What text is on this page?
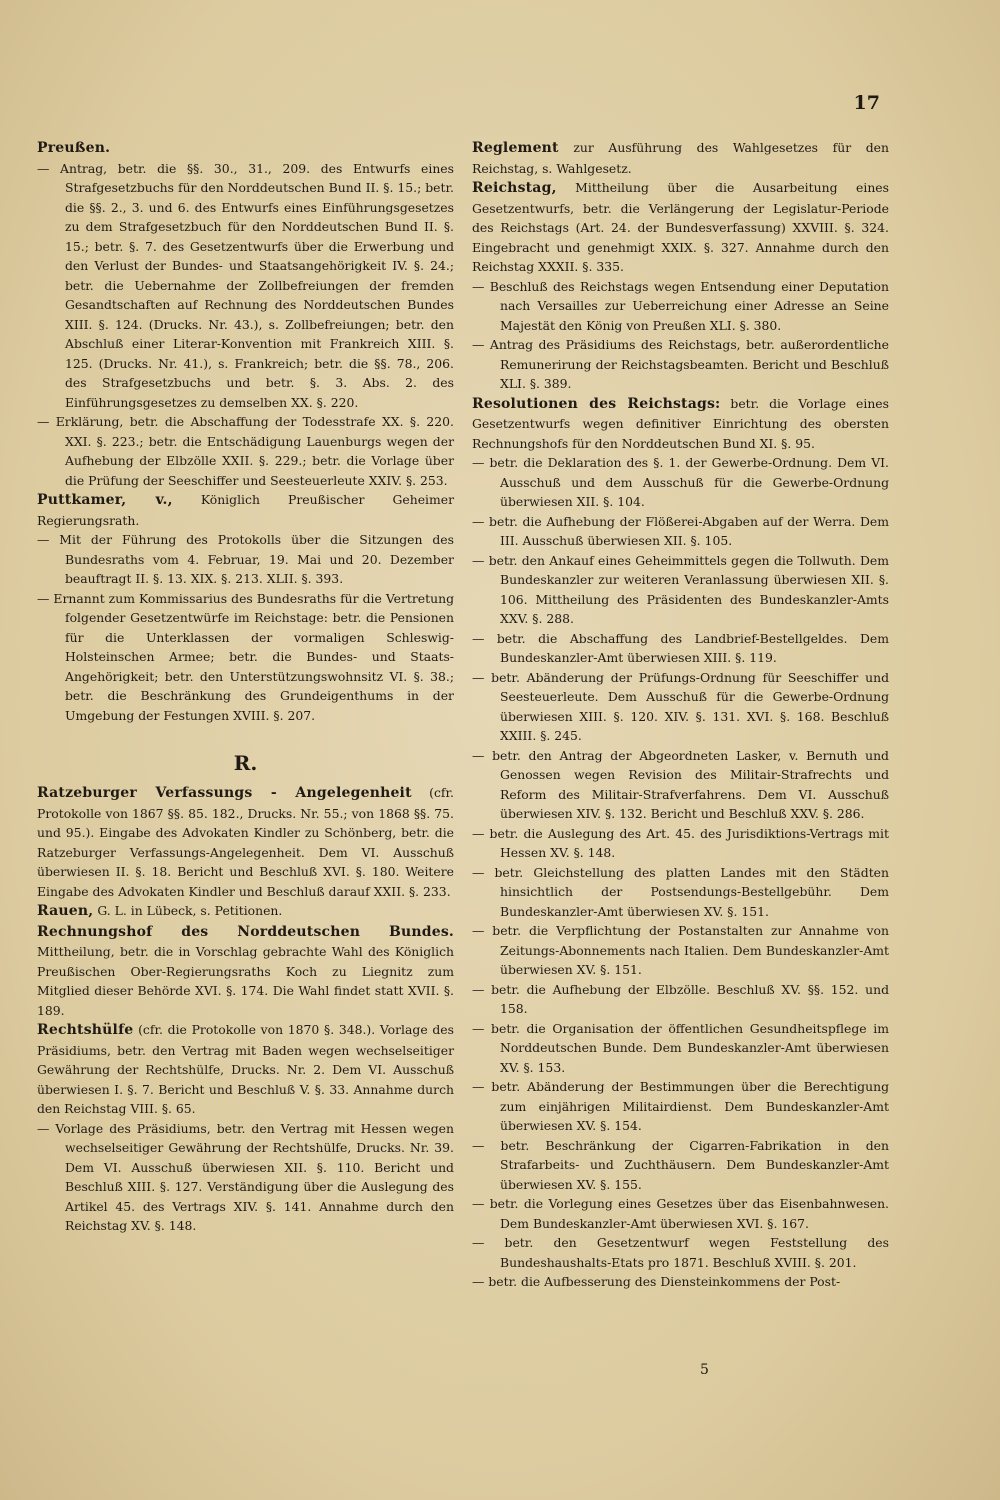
17

Preußen.

— Antrag, betr. die §§. 30., 31., 209. des Entwurfs eines Strafgesetzbuchs für den Norddeutschen Bund II. §. 15.; betr. die §§. 2., 3. und 6. des Entwurfs eines Einführungsgesetzes zu dem Strafgesetzbuch für den Norddeutschen Bund II. §. 15.; betr. §. 7. des Gesetzentwurfs über die Erwerbung und den Verlust der Bundes- und Staatsangehörigkeit IV. §. 24.; betr. die Uebernahme der Zollbefreiungen der fremden Gesandtschaften auf Rechnung des Norddeutschen Bundes XIII. §. 124. (Drucks. Nr. 43.), s. Zollbefreiungen; betr. den Abschluß einer Literar-Konvention mit Frankreich XIII. §. 125. (Drucks. Nr. 41.), s. Frankreich; betr. die §§. 78., 206. des Strafgesetzbuchs und betr. §. 3. Abs. 2. des Einführungsgesetzes zu demselben XX. §. 220.

— Erklärung, betr. die Abschaffung der Todesstrafe XX. §. 220. XXI. §. 223.; betr. die Entschädigung Lauenburgs wegen der Aufhebung der Elbzölle XXII. §. 229.; betr. die Vorlage über die Prüfung der Seeschiffer und Seesteuerleute XXIV. §. 253.

Puttkamer, v., Königlich Preußischer Geheimer Regierungsrath.

— Mit der Führung des Protokolls über die Sitzungen des Bundesraths vom 4. Februar, 19. Mai und 20. Dezember beauftragt II. §. 13. XIX. §. 213. XLII. §. 393.

— Ernannt zum Kommissarius des Bundesraths für die Vertretung folgender Gesetzentwürfe im Reichstage: betr. die Pensionen für die Unterklassen der vormaligen Schleswig-Holsteinschen Armee; betr. die Bundes- und Staats-Angehörigkeit; betr. den Unterstützungswohnsitz VI. §. 38.; betr. die Beschränkung des Grundeigenthums in der Umgebung der Festungen XVIII. §. 207.

R.

Ratzeburger Verfassungs - Angelegenheit (cfr. Protokolle von 1867 §§. 85. 182., Drucks. Nr. 55.; von 1868 §§. 75. und 95.). Eingabe des Advokaten Kindler zu Schönberg, betr. die Ratzeburger Verfassungs-Angelegenheit. Dem VI. Ausschuß überwiesen II. §. 18. Bericht und Beschluß XVI. §. 180. Weitere Eingabe des Advokaten Kindler und Beschluß darauf XXII. §. 233.

Rauen, G. L. in Lübeck, s. Petitionen.

Rechnungshof des Norddeutschen Bundes. Mittheilung, betr. die in Vorschlag gebrachte Wahl des Königlich Preußischen Ober-Regierungsraths Koch zu Liegnitz zum Mitglied dieser Behörde XVI. §. 174. Die Wahl findet statt XVII. §. 189.

Rechtshülfe (cfr. die Protokolle von 1870 §. 348.). Vorlage des Präsidiums, betr. den Vertrag mit Baden wegen wechselseitiger Gewährung der Rechtshülfe, Drucks. Nr. 2. Dem VI. Ausschuß überwiesen I. §. 7. Bericht und Beschluß V. §. 33. Annahme durch den Reichstag VIII. §. 65.

— Vorlage des Präsidiums, betr. den Vertrag mit Hessen wegen wechselseitiger Gewährung der Rechtshülfe, Drucks. Nr. 39. Dem VI. Ausschuß überwiesen XII. §. 110. Bericht und Beschluß XIII. §. 127. Verständigung über die Auslegung des Artikel 45. des Vertrags XIV. §. 141. Annahme durch den Reichstag XV. §. 148.

Reglement zur Ausführung des Wahlgesetzes für den Reichstag, s. Wahlgesetz.

Reichstag, Mittheilung über die Ausarbeitung eines Gesetzentwurfs, betr. die Verlängerung der Legislatur-Periode des Reichstags (Art. 24. der Bundesverfassung) XXVIII. §. 324. Eingebracht und genehmigt XXIX. §. 327. Annahme durch den Reichstag XXXII. §. 335.

— Beschluß des Reichstags wegen Entsendung einer Deputation nach Versailles zur Ueberreichung einer Adresse an Seine Majestät den König von Preußen XLI. §. 380.

— Antrag des Präsidiums des Reichstags, betr. außerordentliche Remunerirung der Reichstagsbeamten. Bericht und Beschluß XLI. §. 389.

Resolutionen des Reichstags: betr. die Vorlage eines Gesetzentwurfs wegen definitiver Einrichtung des obersten Rechnungshofs für den Norddeutschen Bund XI. §. 95.

— betr. die Deklaration des §. 1. der Gewerbe-Ordnung. Dem VI. Ausschuß und dem Ausschuß für die Gewerbe-Ordnung überwiesen XII. §. 104.

— betr. die Aufhebung der Flößerei-Abgaben auf der Werra. Dem III. Ausschuß überwiesen XII. §. 105.

— betr. den Ankauf eines Geheimmittels gegen die Tollwuth. Dem Bundeskanzler zur weiteren Veranlassung überwiesen XII. §. 106. Mittheilung des Präsidenten des Bundeskanzler-Amts XXV. §. 288.

— betr. die Abschaffung des Landbrief-Bestellgeldes. Dem Bundeskanzler-Amt überwiesen XIII. §. 119.

— betr. Abänderung der Prüfungs-Ordnung für Seeschiffer und Seesteuerleute. Dem Ausschuß für die Gewerbe-Ordnung überwiesen XIII. §. 120. XIV. §. 131. XVI. §. 168. Beschluß XXIII. §. 245.

— betr. den Antrag der Abgeordneten Lasker, v. Bernuth und Genossen wegen Revision des Militair-Strafrechts und Reform des Militair-Strafverfahrens. Dem VI. Ausschuß überwiesen XIV. §. 132. Bericht und Beschluß XXV. §. 286.

— betr. die Auslegung des Art. 45. des Jurisdiktions-Vertrags mit Hessen XV. §. 148.

— betr. Gleichstellung des platten Landes mit den Städten hinsichtlich der Postsendungs-Bestellgebühr. Dem Bundeskanzler-Amt überwiesen XV. §. 151.

— betr. die Verpflichtung der Postanstalten zur Annahme von Zeitungs-Abonnements nach Italien. Dem Bundeskanzler-Amt überwiesen XV. §. 151.

— betr. die Aufhebung der Elbzölle. Beschluß XV. §§. 152. und 158.

— betr. die Organisation der öffentlichen Gesundheitspflege im Norddeutschen Bunde. Dem Bundeskanzler-Amt überwiesen XV. §. 153.

— betr. Abänderung der Bestimmungen über die Berechtigung zum einjährigen Militairdienst. Dem Bundeskanzler-Amt überwiesen XV. §. 154.

— betr. Beschränkung der Cigarren-Fabrikation in den Strafarbeits- und Zuchthäusern. Dem Bundeskanzler-Amt überwiesen XV. §. 155.

— betr. die Vorlegung eines Gesetzes über das Eisenbahnwesen. Dem Bundeskanzler-Amt überwiesen XVI. §. 167.

— betr. den Gesetzentwurf wegen Feststellung des Bundeshaushalts-Etats pro 1871. Beschluß XVIII. §. 201.

— betr. die Aufbesserung des Diensteinkommens der Post-

5
